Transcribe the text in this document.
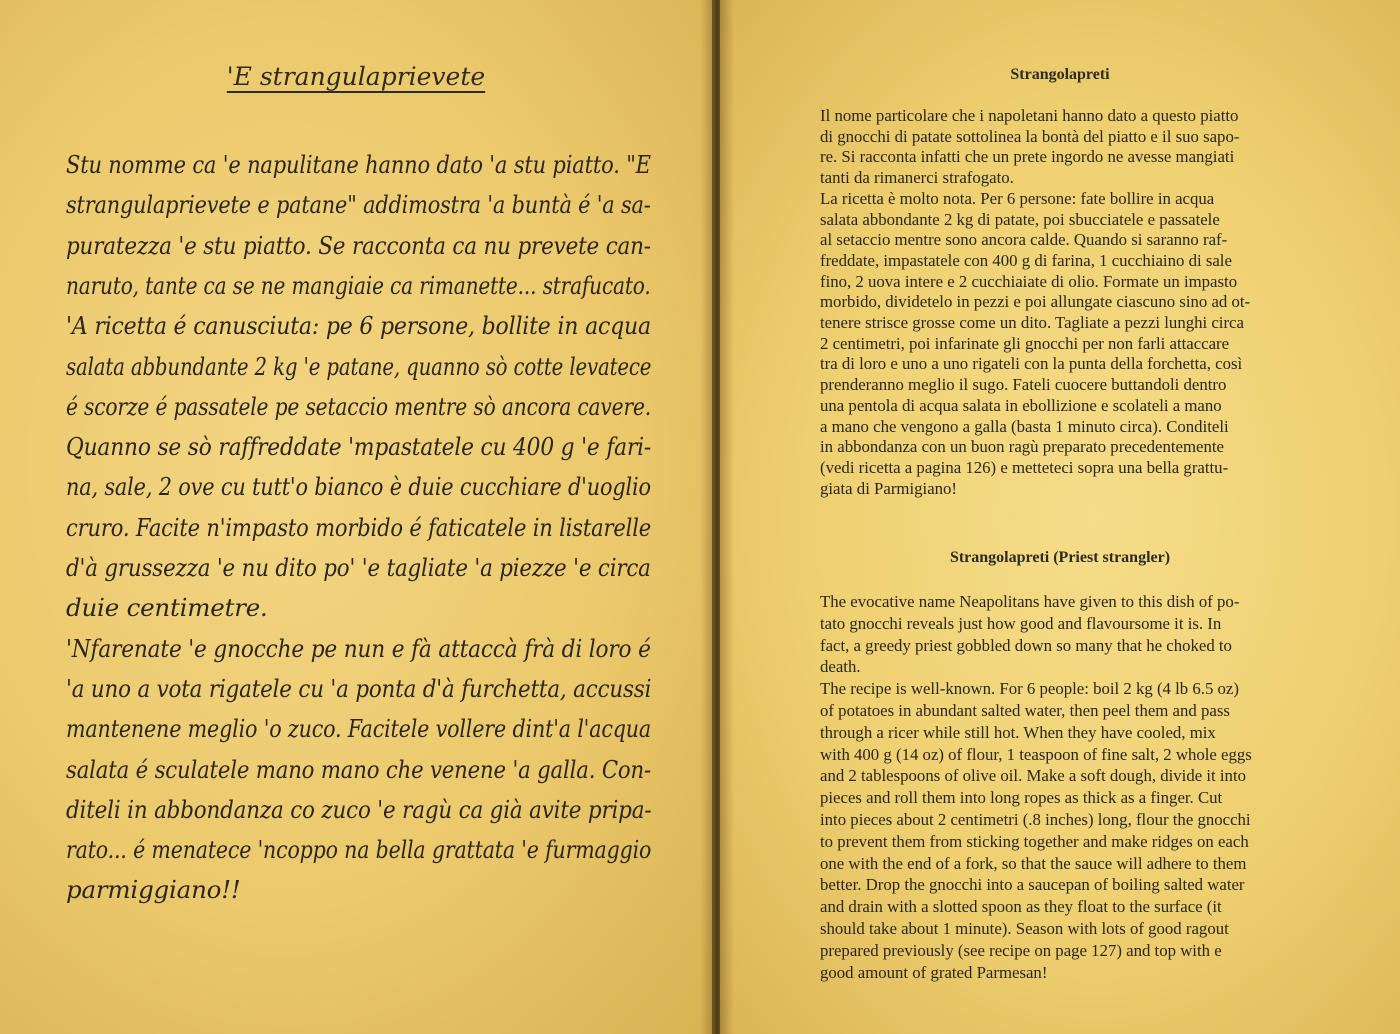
'E strangulaprievete
Stu nomme ca 'e napulitane hanno dato 'a stu piatto. "E
strangulaprievete e patane" addimostra 'a buntà é 'a sa-
puratezza 'e stu piatto. Se racconta ca nu prevete can-
naruto, tante ca se ne mangiaie ca rimanette... strafucato.
'A ricetta é canusciuta: pe 6 persone, bollite in acqua
salata abbundante 2 kg 'e patane, quanno sò cotte levatece
é scorze é passatele pe setaccio mentre sò ancora cavere.
Quanno se sò raffreddate 'mpastatele cu 400 g 'e fari-
na, sale, 2 ove cu tutt'o bianco è duie cucchiare d'uoglio
cruro. Facite n'impasto morbido é faticatele in listarelle
d'à grussezza 'e nu dito po' 'e tagliate 'a piezze 'e circa
duie centimetre.
'Nfarenate 'e gnocche pe nun e fà attaccà frà di loro é
'a uno a vota rigatele cu 'a ponta d'à furchetta, accussi
mantenene meglio 'o zuco. Facitele vollere dint'a l'acqua
salata é sculatele mano mano che venene 'a galla. Con-
diteli in abbondanza co zuco 'e ragù ca già avite pripa-
rato... é menatece 'ncoppo na bella grattata 'e furmaggio
parmiggiano!!
Strangolapreti
Il nome particolare che i napoletani hanno dato a questo piatto
di gnocchi di patate sottolinea la bontà del piatto e il suo sapo-
re. Si racconta infatti che un prete ingordo ne avesse mangiati
tanti da rimanerci strafogato.
La ricetta è molto nota. Per 6 persone: fate bollire in acqua
salata abbondante 2 kg di patate, poi sbucciatele e passatele
al setaccio mentre sono ancora calde. Quando si saranno raf-
freddate, impastatele con 400 g di farina, 1 cucchiaino di sale
fino, 2 uova intere e 2 cucchiaiate di olio. Formate un impasto
morbido, dividetelo in pezzi e poi allungate ciascuno sino ad ot-
tenere strisce grosse come un dito. Tagliate a pezzi lunghi circa
2 centimetri, poi infarinate gli gnocchi per non farli attaccare
tra di loro e uno a uno rigateli con la punta della forchetta, così
prenderanno meglio il sugo. Fateli cuocere buttandoli dentro
una pentola di acqua salata in ebollizione e scolateli a mano
a mano che vengono a galla (basta 1 minuto circa). Conditeli
in abbondanza con un buon ragù preparato precedentemente
(vedi ricetta a pagina 126) e metteteci sopra una bella grattu-
giata di Parmigiano!
Strangolapreti (Priest strangler)
The evocative name Neapolitans have given to this dish of po-
tato gnocchi reveals just how good and flavoursome it is. In
fact, a greedy priest gobbled down so many that he choked to
death.
The recipe is well-known. For 6 people: boil 2 kg (4 lb 6.5 oz)
of potatoes in abundant salted water, then peel them and pass
through a ricer while still hot. When they have cooled, mix
with 400 g (14 oz) of flour, 1 teaspoon of fine salt, 2 whole eggs
and 2 tablespoons of olive oil. Make a soft dough, divide it into
pieces and roll them into long ropes as thick as a finger. Cut
into pieces about 2 centimetri (.8 inches) long, flour the gnocchi
to prevent them from sticking together and make ridges on each
one with the end of a fork, so that the sauce will adhere to them
better. Drop the gnocchi into a saucepan of boiling salted water
and drain with a slotted spoon as they float to the surface (it
should take about 1 minute). Season with lots of good ragout
prepared previously (see recipe on page 127) and top with e
good amount of grated Parmesan!
